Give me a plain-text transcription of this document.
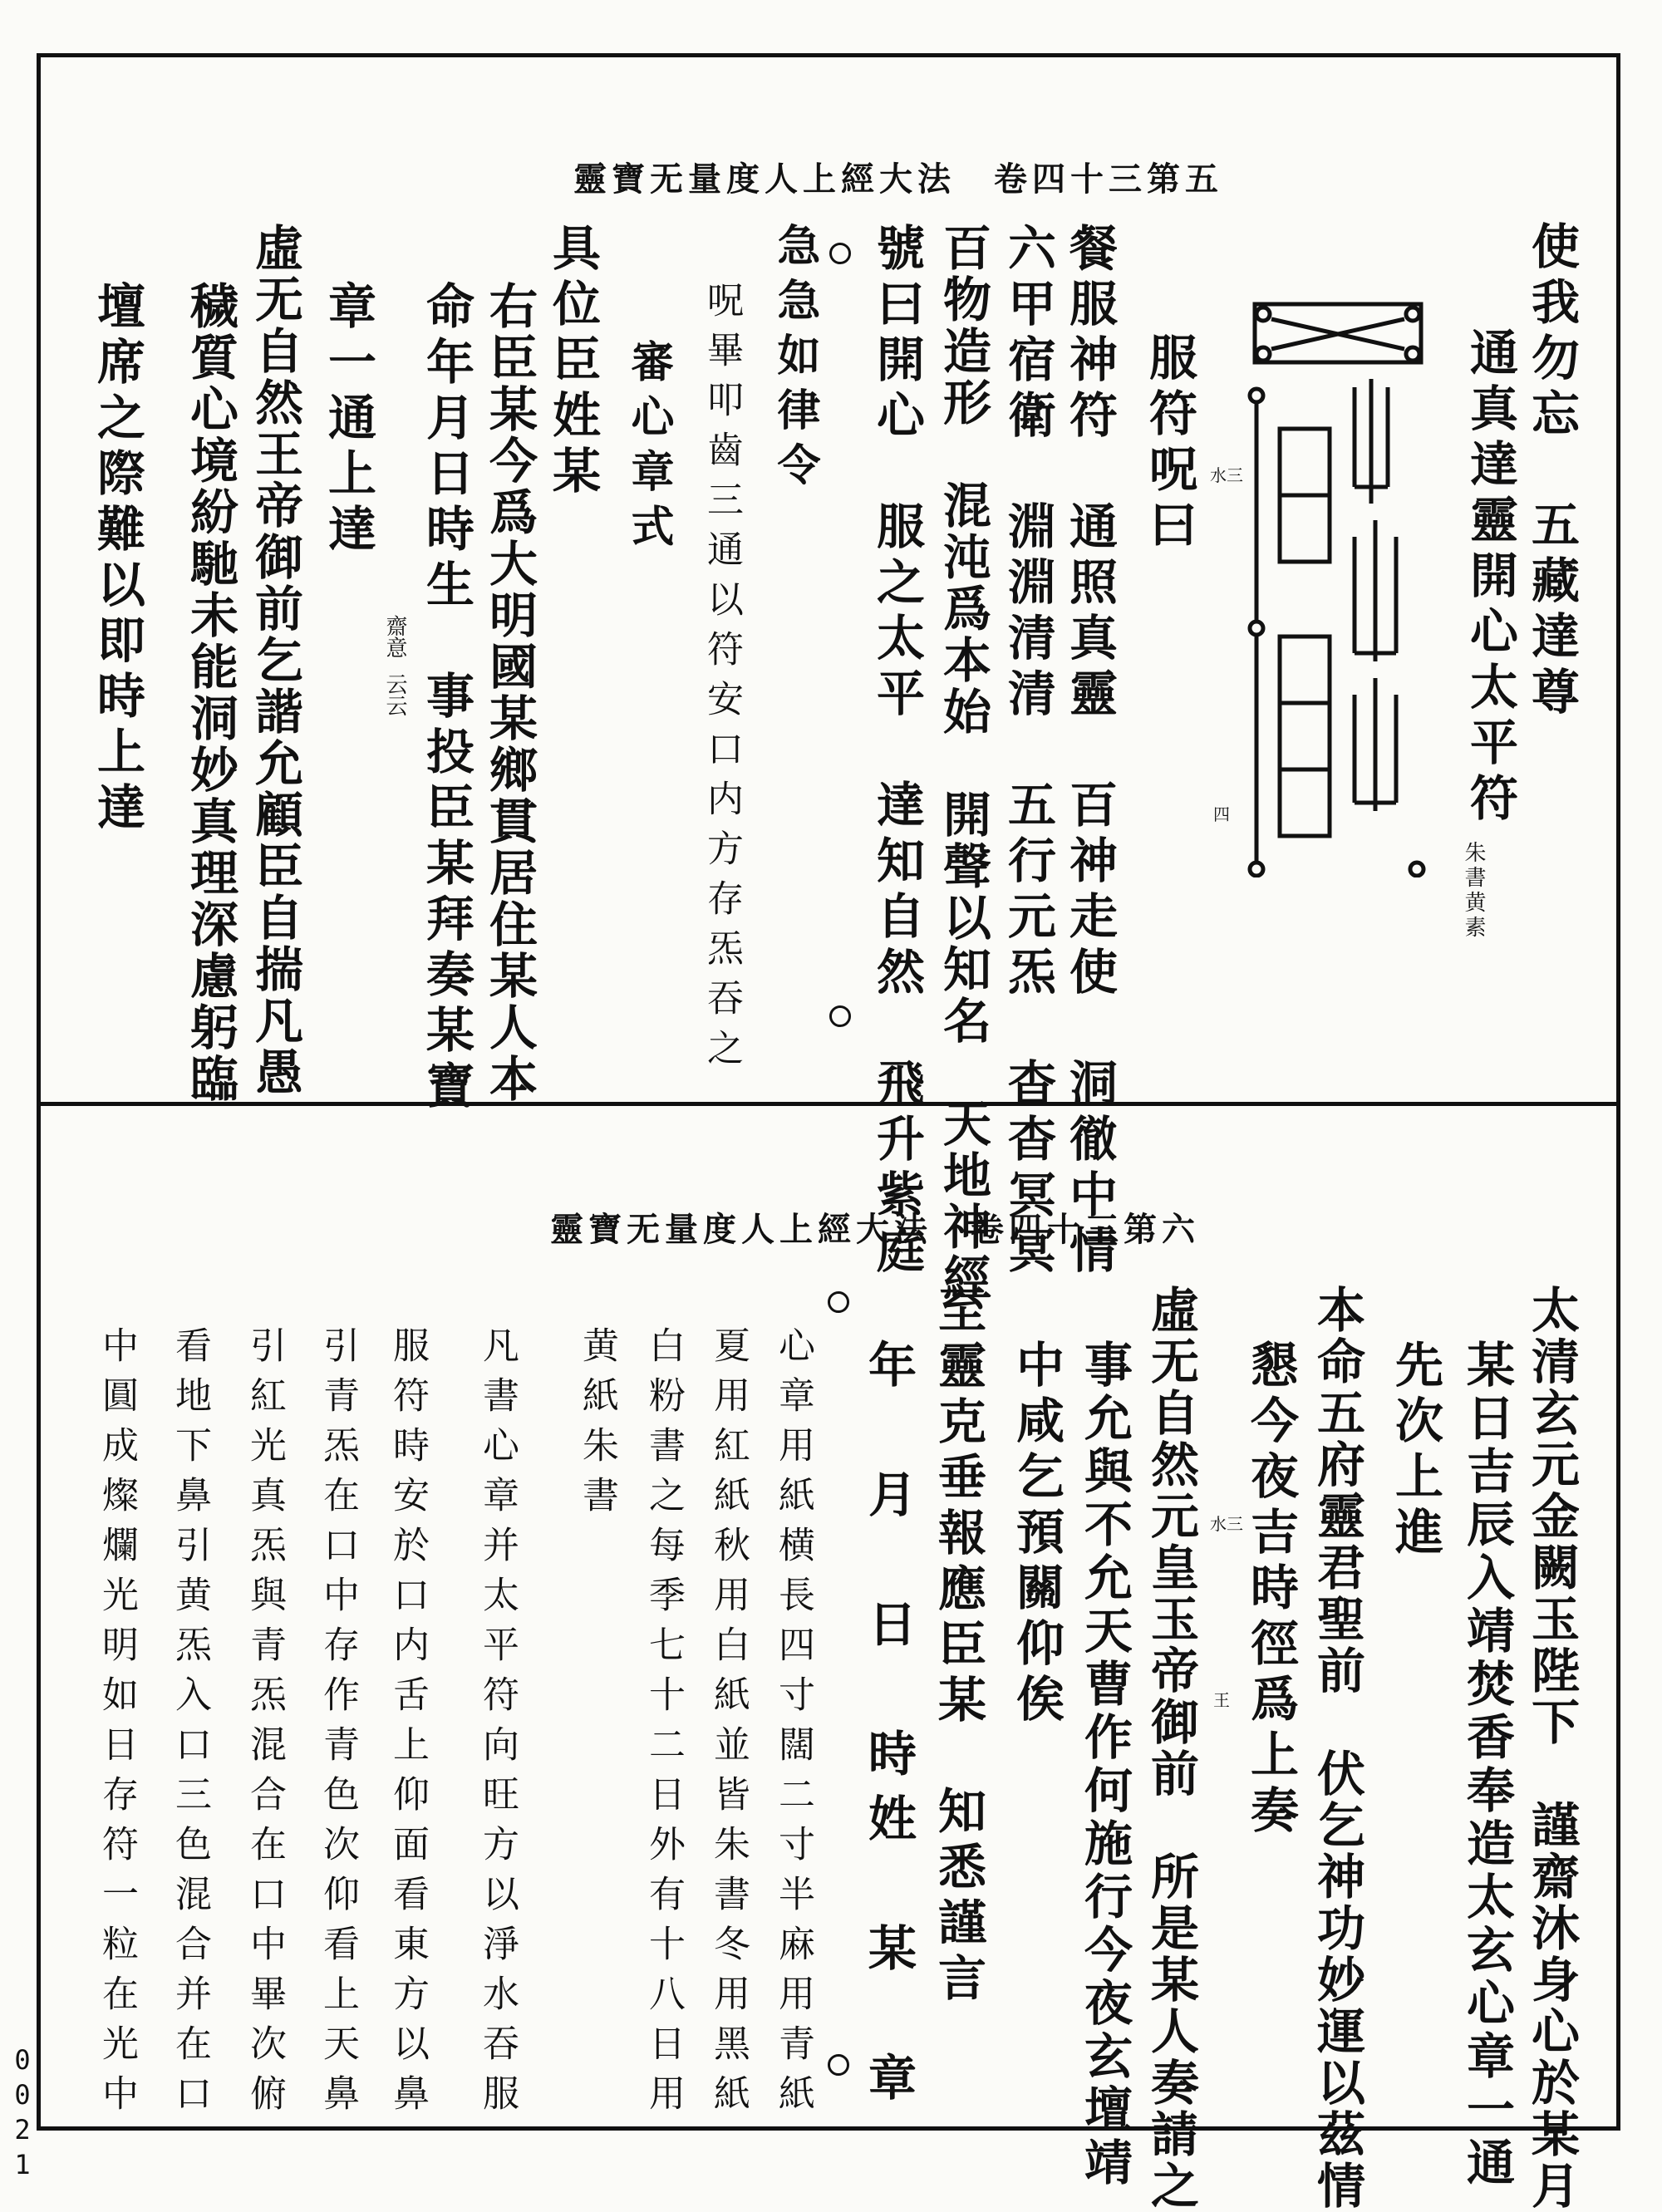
靈寶无量度人上經大法　卷四十三第五
使我勿忘　五藏達尊
通真達靈開心太平符
朱書黄素
水三
四
服符呪曰
餐服神符　通照真靈　百神走使　洞徹中情
六甲宿衛　淵淵清清　五行元炁　杳杳冥冥
百物造形　混沌爲本始　開聲以知名　天地神經
號曰開心　服之太平　達知自然　飛升紫庭
急急如律令
呪畢叩齒三通以符安口内方存炁吞之
審心章式
具位臣姓某
右臣某今爲大明國某鄉貫居住某人本
命年月日時生　事投臣某拜奏某寶
齋意
云云
章一通上達
虛无自然王帝御前乞諧允顧臣自揣凡愚
穢質心境紛馳未能洞妙真理深慮躬臨
壇席之際難以即時上達
靈寶无量度人上經大法　卷四十三第六
太清玄元金闕玉陛下　謹齋沐身心於某月
某日吉辰入靖焚香奉造太玄心章一通
先次上進
本命五府靈君聖前　伏乞神功妙運以茲情
懇今夜吉時徑爲上奏
水三
王
虛无自然元皇玉帝御前　所是某人奏請之
事允與不允天曹作何施行今夜玄壇靖
中咸乞預關仰俟
至靈克垂報應臣某　知悉謹言
年　月　日　時姓　某　章
心章用紙横長四寸闊二寸半麻用青紙
夏用紅紙秋用白紙並皆朱書冬用黑紙
白粉書之每季七十二日外有十八日用
黄紙朱書
凡書心章并太平符向旺方以淨水吞服
服符時安於口内舌上仰面看東方以鼻
引青炁在口中存作青色次仰看上天鼻
引紅光真炁與青炁混合在口中畢次俯
看地下鼻引黄炁入口三色混合并在口
中圓成燦爛光明如日存符一粒在光中
0021
